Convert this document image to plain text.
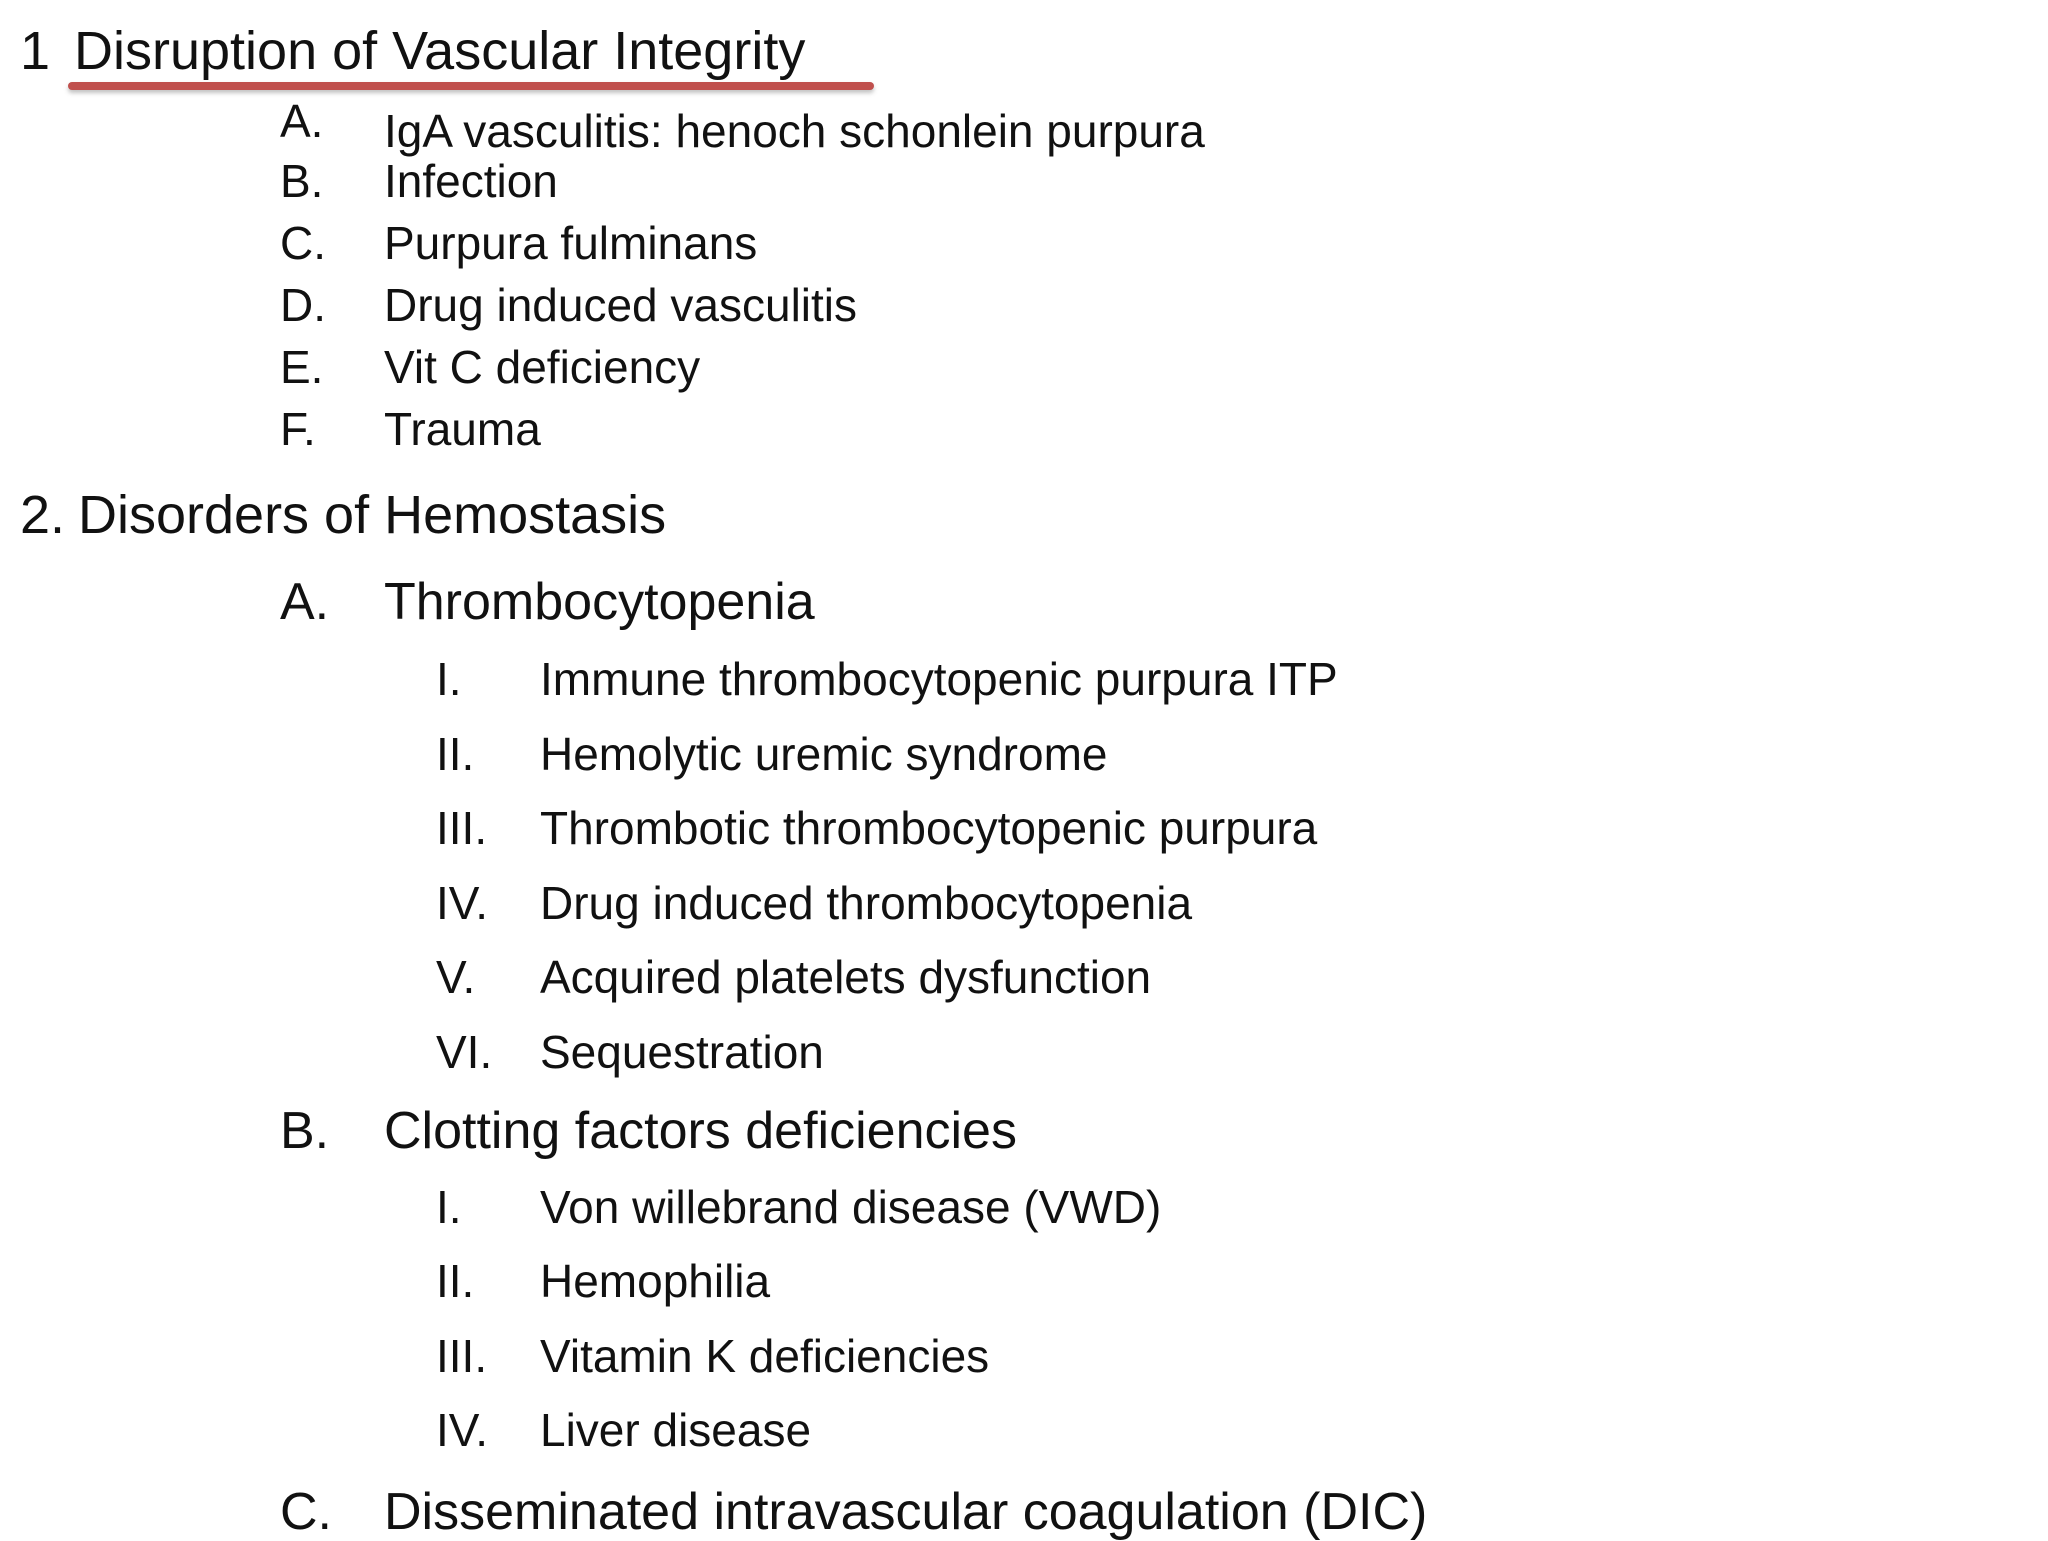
1 Disruption of Vascular Integrity
A. IgA vasculitis: henoch schonlein purpura
B. Infection
C. Purpura fulminans
D. Drug induced vasculitis
E. Vit C deficiency
F. Trauma
2. Disorders of Hemostasis
A. Thrombocytopenia
I. Immune thrombocytopenic purpura ITP
II. Hemolytic uremic syndrome
III. Thrombotic thrombocytopenic purpura
IV. Drug induced thrombocytopenia
V. Acquired platelets dysfunction
VI. Sequestration
B. Clotting factors deficiencies
I. Von willebrand disease (VWD)
II. Hemophilia
III. Vitamin K deficiencies
IV. Liver disease
C. Disseminated intravascular coagulation (DIC)
